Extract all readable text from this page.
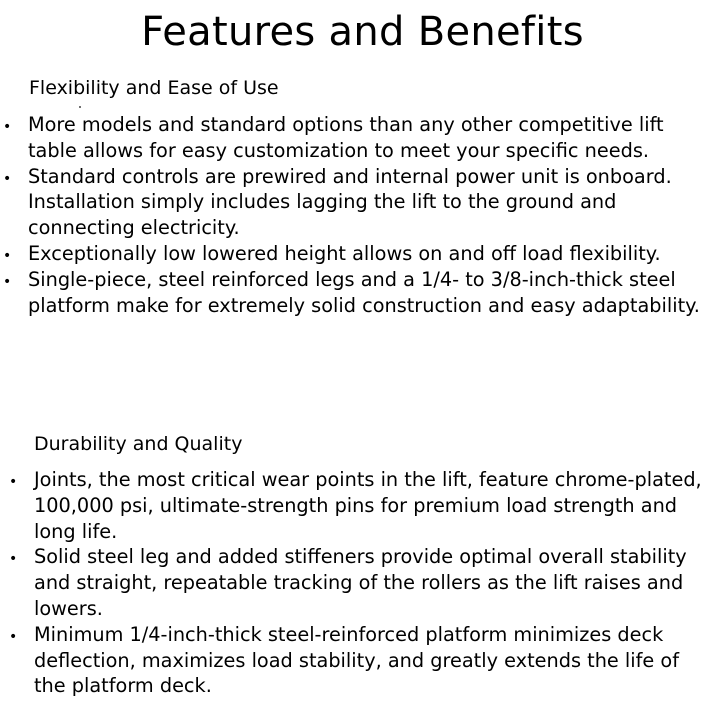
Features and Benefits
Flexibility and Ease of Use
• More models and standard options than any other competitive lift table allows for easy customization to meet your specific needs.
• Standard controls are prewired and internal power unit is onboard. Installation simply includes lagging the lift to the ground and connecting electricity.
• Exceptionally low lowered height allows on and off load flexibility.
• Single-piece, steel reinforced legs and a 1/4- to 3/8-inch-thick steel platform make for extremely solid construction and easy adaptability.
Durability and Quality
• Joints, the most critical wear points in the lift, feature chrome-plated, 100,000 psi, ultimate-strength pins for premium load strength and long life.
• Solid steel leg and added stiffeners provide optimal overall stability and straight, repeatable tracking of the rollers as the lift raises and lowers.
• Minimum 1/4-inch-thick steel-reinforced platform minimizes deck deflection, maximizes load stability, and greatly extends the life of the platform deck.
